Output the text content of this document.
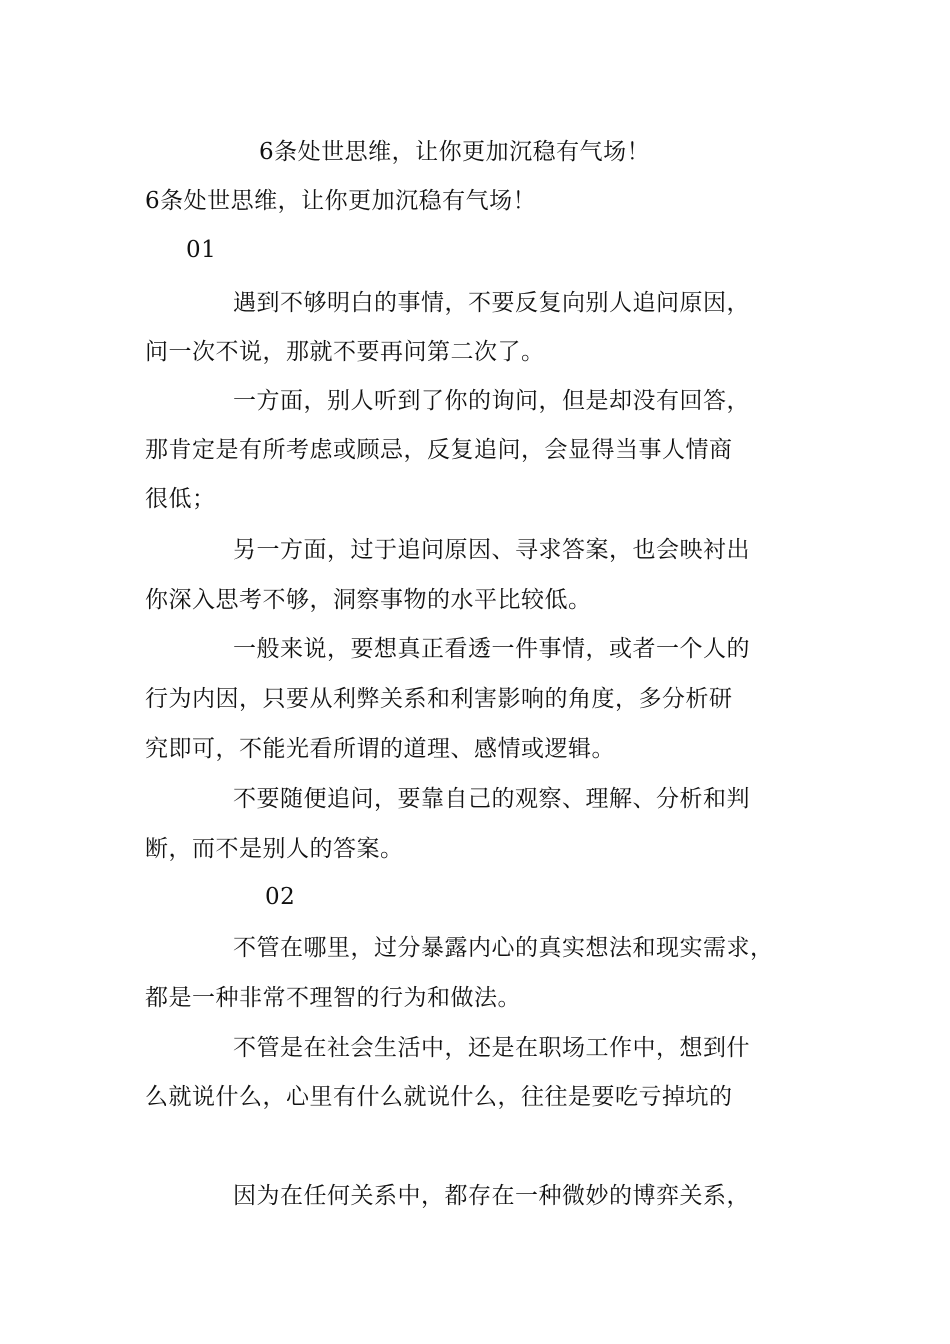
6条处世思维，让你更加沉稳有气场！
6条处世思维，让你更加沉稳有气场！
01
遇到不够明白的事情，不要反复向别人追问原因，
问一次不说，那就不要再问第二次了。
一方面，别人听到了你的询问，但是却没有回答，
那肯定是有所考虑或顾忌，反复追问，会显得当事人情商
很低；
另一方面，过于追问原因、寻求答案，也会映衬出
你深入思考不够，洞察事物的水平比较低。
一般来说，要想真正看透一件事情，或者一个人的
行为内因，只要从利弊关系和利害影响的角度，多分析研
究即可，不能光看所谓的道理、感情或逻辑。
不要随便追问，要靠自己的观察、理解、分析和判
断，而不是别人的答案。
02
不管在哪里，过分暴露内心的真实想法和现实需求，
都是一种非常不理智的行为和做法。
不管是在社会生活中，还是在职场工作中，想到什
么就说什么，心里有什么就说什么，往往是要吃亏掉坑的
因为在任何关系中，都存在一种微妙的博弈关系，
